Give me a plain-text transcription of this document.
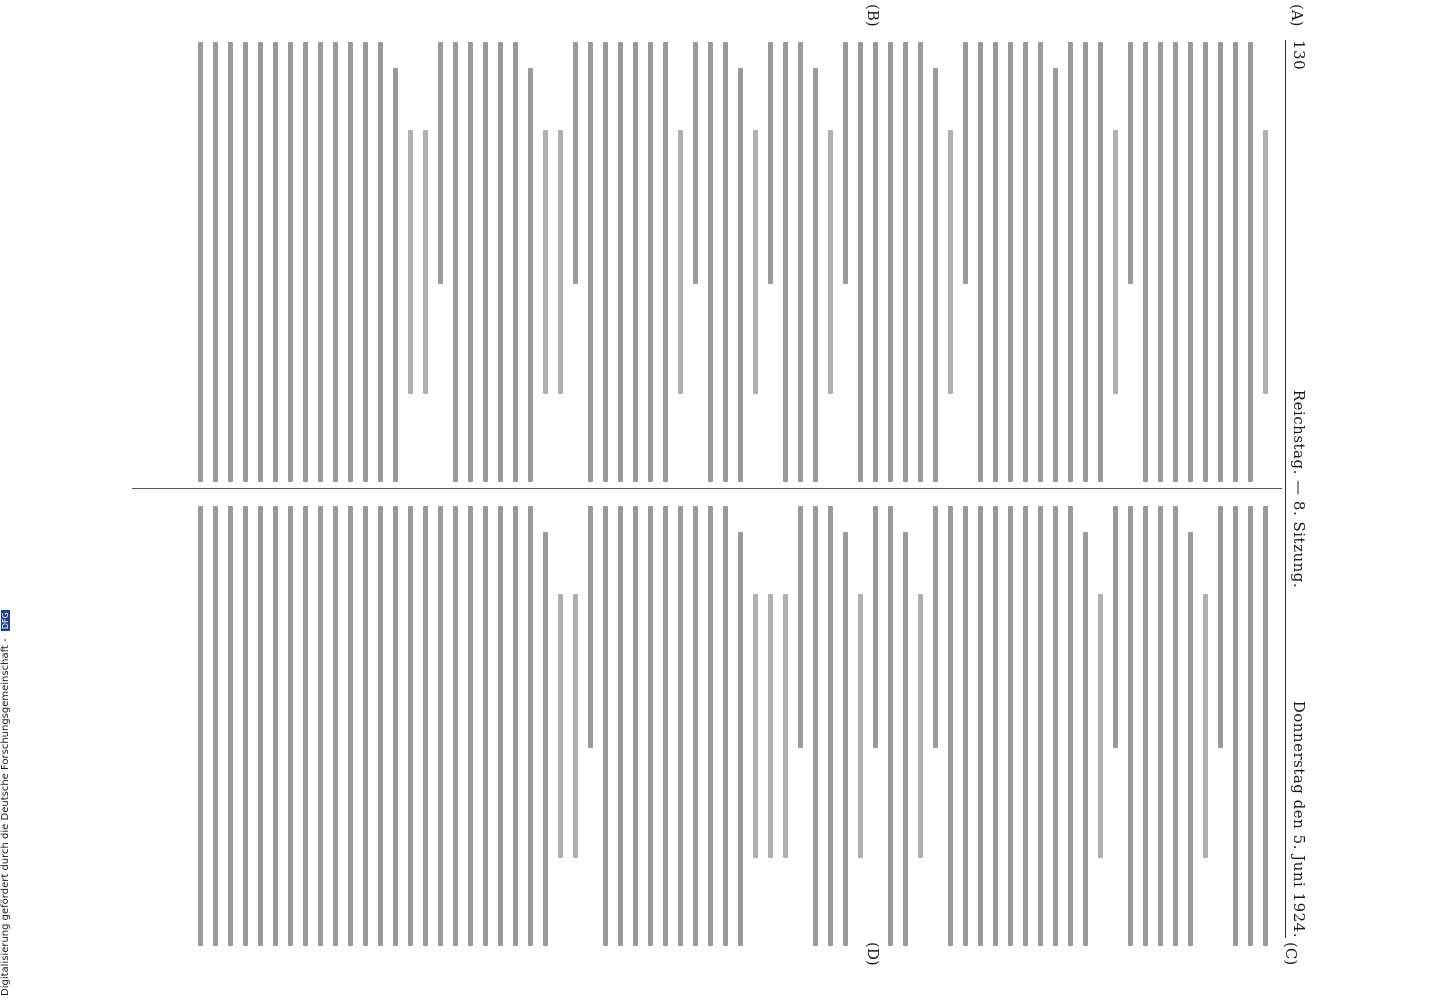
130
Reichstag. — 8. Sitzung.
Donnerstag den 5. Juni 1924.
(A)
(B)
(C)
(D)
Digitalisierung gefördert durch die Deutsche Forschungsgemeinschaft - DFG
